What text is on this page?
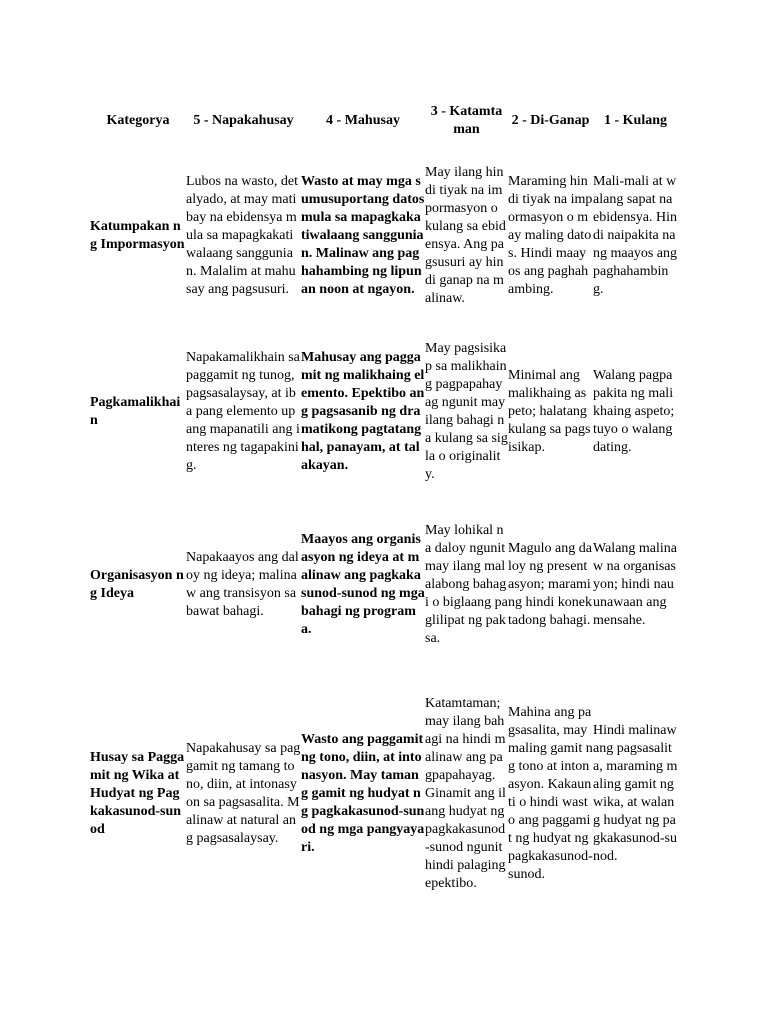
Kategorya	5 - Napakahusay	4 - Mahusay	3 - Katamtaman	2 - Di-Ganap	1 - Kulang
Katumpakan ng Impormasyon	Lubos na wasto, detalyado, at may matibay na ebidensya mula sa mapagkakatiwalaang sanggunian. Malalim at mahusay ang pagsusuri.	Wasto at may mga sumusuportang datos mula sa mapagkakatiwalaang sanggunian. Malinaw ang paghahambing ng lipunan noon at ngayon.	May ilang hindi tiyak na impormasyon o kulang sa ebidensya. Ang pagsusuri ay hindi ganap na malinaw.	Maraming hindi tiyak na impormasyon o may maling datos. Hindi maayos ang paghahambing.	Mali-mali at walang sapat na ebidensya. Hindi naipakita nang maayos ang paghahambing.
Pagkamalikhain	Napakamalikhain sa paggamit ng tunog, pagsasalaysay, at iba pang elemento upang mapanatili ang interes ng tagapakinig.	Mahusay ang paggamit ng malikhaing elemento. Epektibo ang pagsasanib ng dramatikong pagtatanghal, panayam, at talakayan.	May pagsisikap sa malikhaing pagpapahayag ngunit may ilang bahagi na kulang sa sigla o originality.	Minimal ang malikhaing aspeto; halatang kulang sa pagsisikap.	Walang pagpapakita ng malikhaing aspeto; tuyo o walang dating.
Organisasyon ng Ideya	Napakaayos ang daloy ng ideya; malinaw ang transisyon sa bawat bahagi.	Maayos ang organisasyon ng ideya at malinaw ang pagkakasunod-sunod ng mga bahagi ng programa.	May lohikal na daloy ngunit may ilang malalabong bahagi o biglaang paglilipat ng paksa.	Magulo ang daloy ng presentasyon; maraming hindi konektadong bahagi.	Walang malinaw na organisasyon; hindi nauunawaan ang mensahe.
Husay sa Paggamit ng Wika at Hudyat ng Pagkakasunod-sunod	Napakahusay sa paggamit ng tamang tono, diin, at intonasyon sa pagsasalita. Malinaw at natural ang pagsasalaysay.	Wasto ang paggamit ng tono, diin, at intonasyon. May tamang gamit ng hudyat ng pagkakasunod-sunod ng mga pangyayari.	Katamtaman; may ilang bahagi na hindi malinaw ang pagpapahayag. Ginamit ang ilang hudyat ng pagkakasunod-sunod ngunit hindi palaging epektibo.	Mahina ang pagsasalita, may maling gamit ng tono at intonasyon. Kakaunti o hindi wasto ang paggamit ng hudyat ng pagkakasunod-sunod.	Hindi malinaw ang pagsasalita, maraming maling gamit ng wika, at walang hudyat ng pagkakasunod-sunod.
